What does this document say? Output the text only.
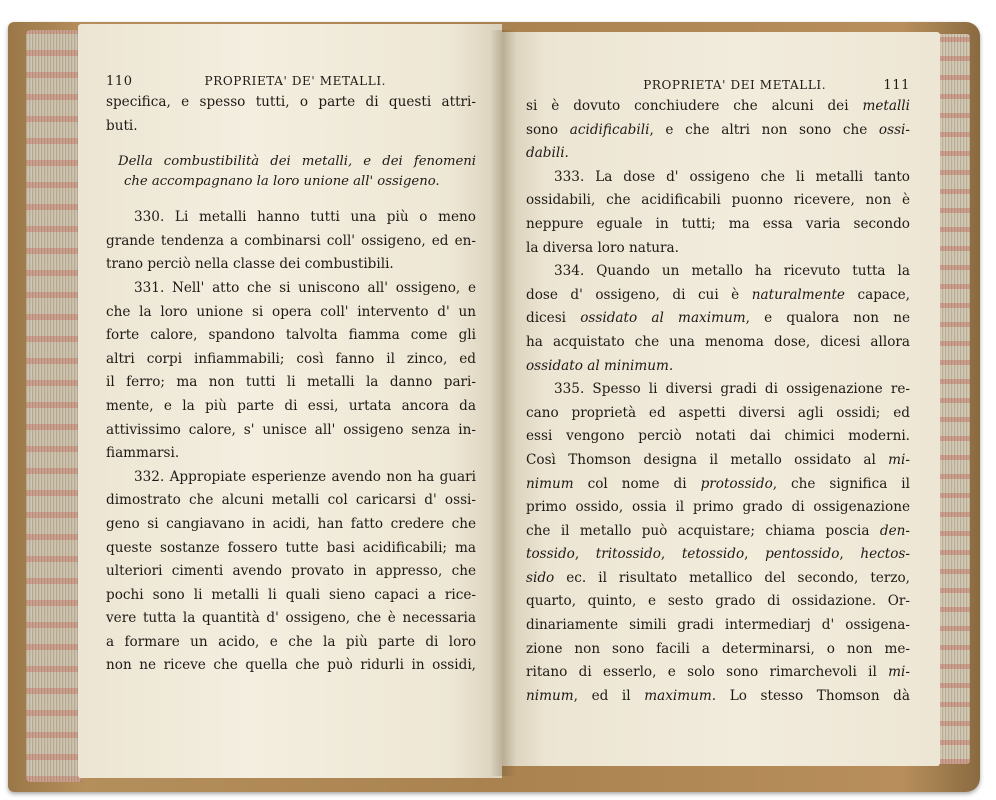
110	PROPRIETA' DE' METALLI.
specifica, e spesso tutti, o parte di questi attri-
buti.
Della combustibilità dei metalli, e dei fenomeni
che accompagnano la loro unione all' ossigeno.
330. Li metalli hanno tutti una più o meno
grande tendenza a combinarsi coll' ossigeno, ed en-
trano perciò nella classe dei combustibili.
331. Nell' atto che si uniscono all' ossigeno, e
che la loro unione si opera coll' intervento d' un
forte calore, spandono talvolta fiamma come gli
altri corpi infiammabili; così fanno il zinco, ed
il ferro; ma non tutti li metalli la danno pari-
mente, e la più parte di essi, urtata ancora da
attivissimo calore, s' unisce all' ossigeno senza in-
fiammarsi.
332. Appropiate esperienze avendo non ha guari
dimostrato che alcuni metalli col caricarsi d' ossi-
geno si cangiavano in acidi, han fatto credere che
queste sostanze fossero tutte basi acidificabili; ma
ulteriori cimenti avendo provato in appresso, che
pochi sono li metalli li quali sieno capaci a rice-
vere tutta la quantità d' ossigeno, che è necessaria
a formare un acido, e che la più parte di loro
non ne riceve che quella che può ridurli in ossidi,
PROPRIETA' DEI METALLI.	111
si è dovuto conchiudere che alcuni dei metalli
sono acidificabili, e che altri non sono che ossi-
dabili.
333. La dose d' ossigeno che li metalli tanto
ossidabili, che acidificabili puonno ricevere, non è
neppure eguale in tutti; ma essa varia secondo
la diversa loro natura.
334. Quando un metallo ha ricevuto tutta la
dose d' ossigeno, di cui è naturalmente capace,
dicesi ossidato al maximum, e qualora non ne
ha acquistato che una menoma dose, dicesi allora
ossidato al minimum.
335. Spesso li diversi gradi di ossigenazione re-
cano proprietà ed aspetti diversi agli ossidi; ed
essi vengono perciò notati dai chimici moderni.
Così Thomson designa il metallo ossidato al mi-
nimum col nome di protossido, che significa il
primo ossido, ossia il primo grado di ossigenazione
che il metallo può acquistare; chiama poscia den-
tossido, tritossido, tetossido, pentossido, hectos-
sido ec. il risultato metallico del secondo, terzo,
quarto, quinto, e sesto grado di ossidazione. Or-
dinariamente simili gradi intermediarj d' ossigena-
zione non sono facili a determinarsi, o non me-
ritano di esserlo, e solo sono rimarchevoli il mi-
nimum, ed il maximum. Lo stesso Thomson dà
